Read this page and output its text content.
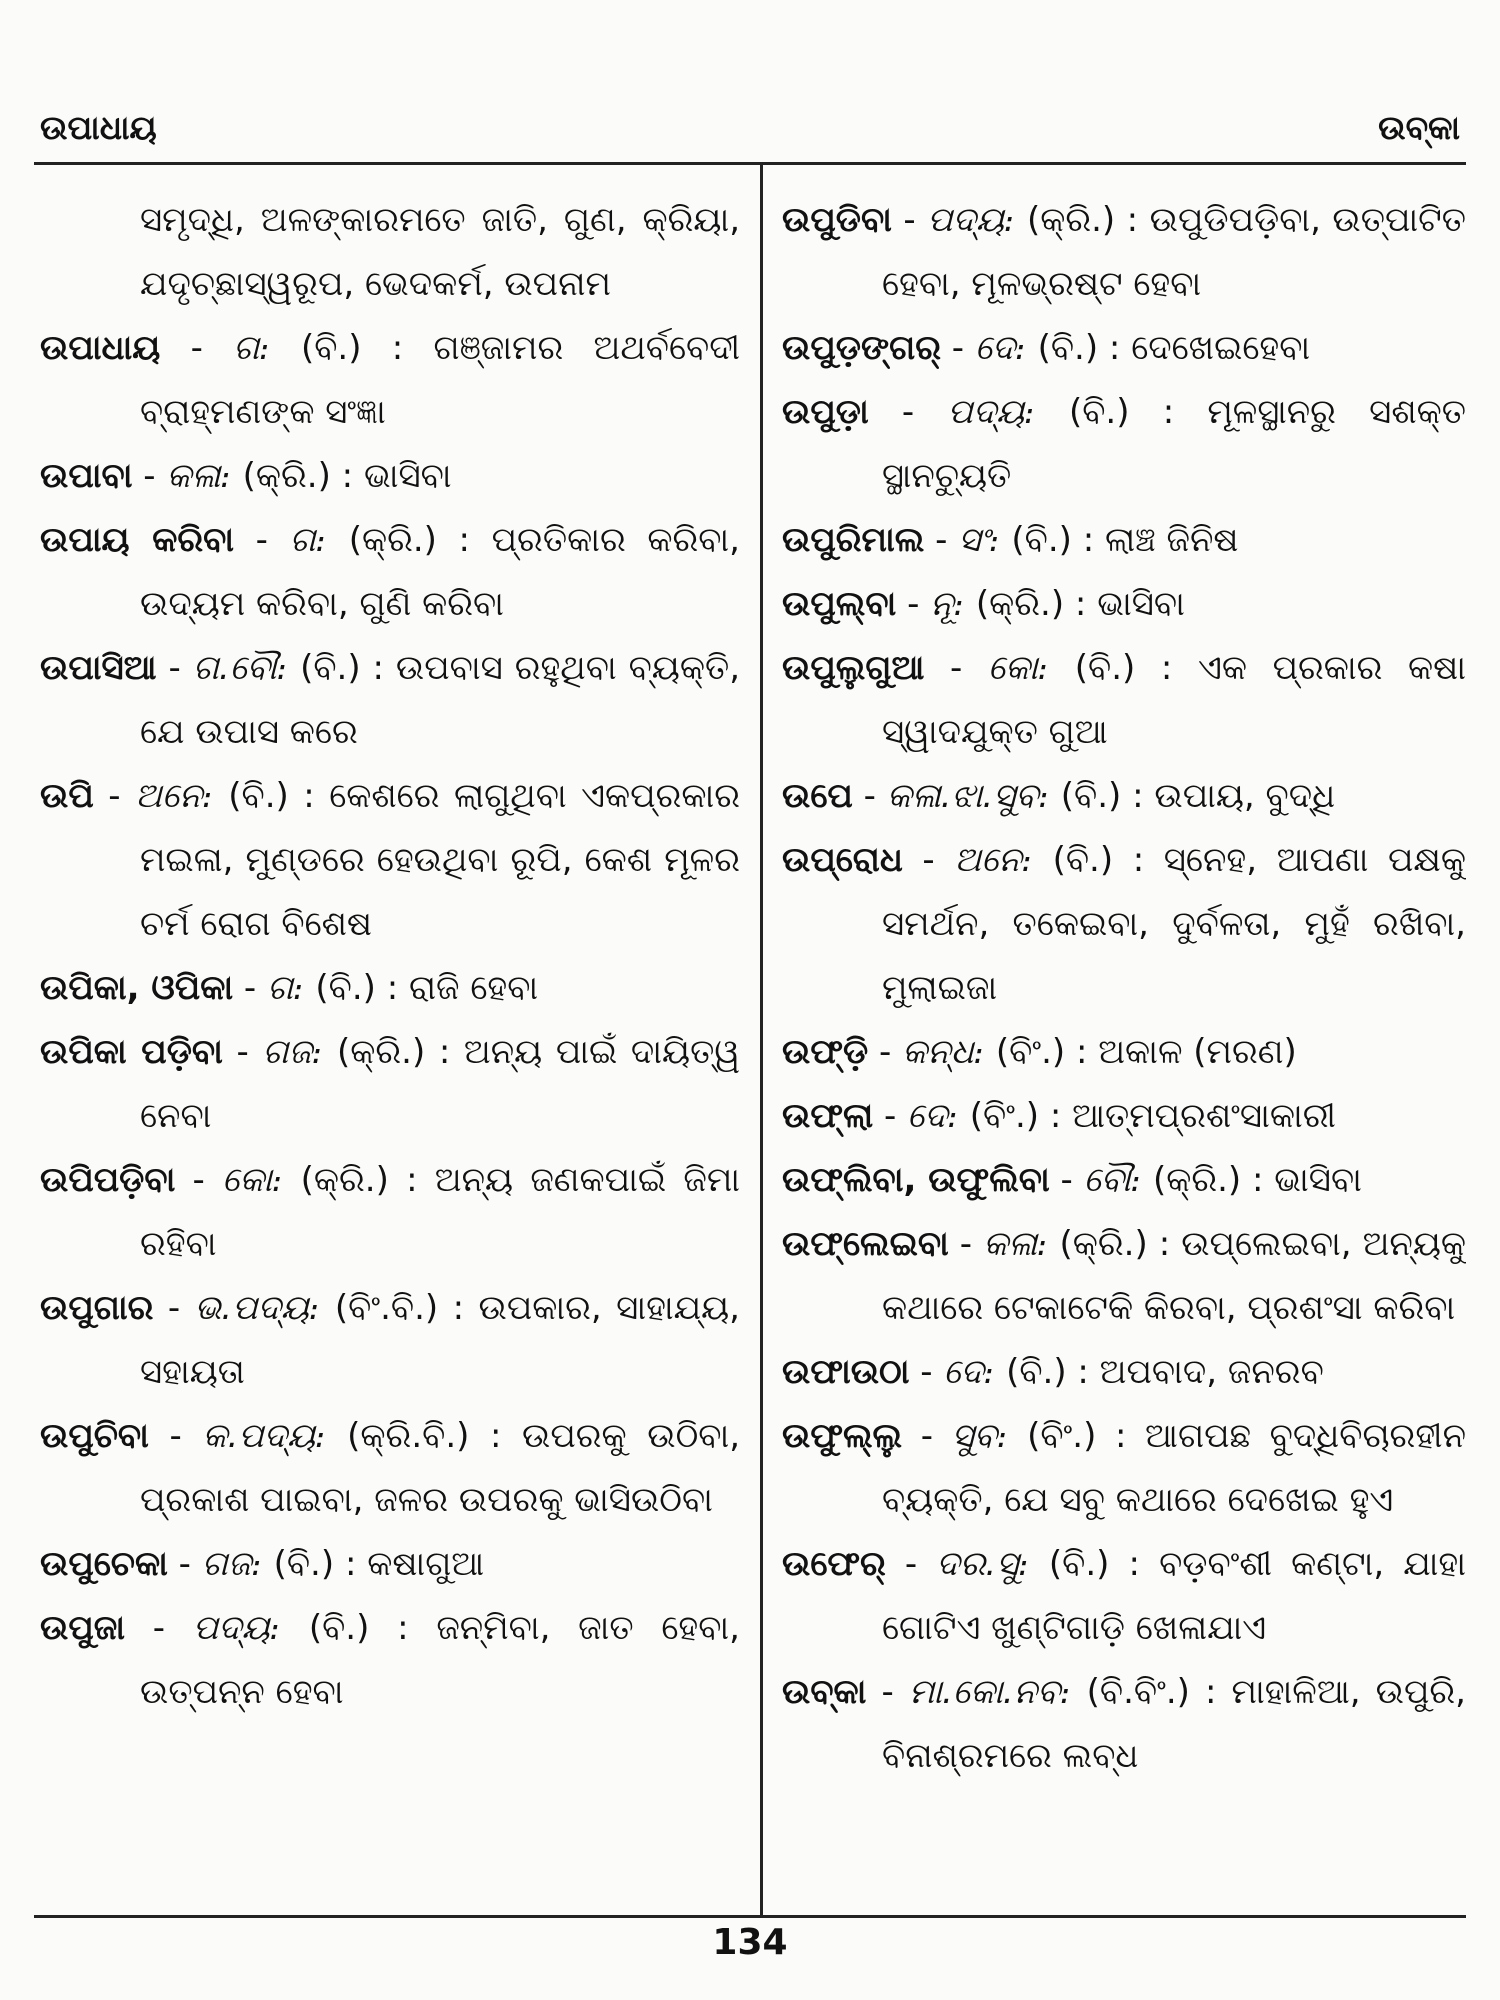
ଉପାଧାୟ	ଉବ୍‌କା

ସମୃଦ୍ଧି, ଅଳଙ୍କାରମତେ ଜାତି, ଗୁଣ, କ୍ରିୟା, ଯଦୃଚ୍ଛାସ୍ୱରୂପ, ଭେଦକର୍ମ, ଉପନାମ

ଉପାଧାୟ - ଗ։ (ବି.) : ଗଞ୍ଜାମର ଅଥର୍ବବେଦୀ ବ୍ରାହ୍ମଣଙ୍କ ସଂଜ୍ଞା

ଉପାବା - କଳା։ (କ୍ରି.) : ଭାସିବା

ଉପାୟ କରିବା - ଗ։ (କ୍ରି.) : ପ୍ରତିକାର କରିବା, ଉଦ୍ୟମ କରିବା, ଗୁଣି କରିବା

ଉପାସିଆ - ଗ.ବୌ։ (ବି.) : ଉପବାସ ରହୁଥିବା ବ୍ୟକ୍ତି, ଯେ ଉପାସ କରେ

ଉପି - ଅନେ։ (ବି.) : କେଶରେ ଲାଗୁଥିବା ଏକପ୍ରକାର ମଇଳା, ମୁଣ୍ଡରେ ହେଉଥିବା ରୂପି, କେଶ ମୂଳର ଚର୍ମ ରୋଗ ବିଶେଷ

ଉପିକା, ଓପିକା - ଗ։ (ବି.) : ରାଜି ହେବା

ଉପିକା ପଡ଼ିବା - ଗଜ։ (କ୍ରି.) : ଅନ୍ୟ ପାଇଁ ଦାୟିତ୍ୱ ନେବା

ଉପିପଡ଼ିବା - କୋ։ (କ୍ରି.) : ଅନ୍ୟ ଜଣକପାଇଁ ଜିମା ରହିବା

ଉପୁଗାର - ଭ.ପଦ୍ୟ։ (ବିଂ.ବି.) : ଉପକାର, ସାହାଯ୍ୟ, ସହାୟତା

ଉପୁଚିବା - କ.ପଦ୍ୟ։ (କ୍ରି.ବି.) : ଉପରକୁ ଉଠିବା, ପ୍ରକାଶ ପାଇବା, ଜଳର ଉପରକୁ ଭାସିଉଠିବା

ଉପୁଚେକା - ଗଜ։ (ବି.) : କଷାଗୁଆ

ଉପୁଜା - ପଦ୍ୟ։ (ବି.) : ଜନ୍ମିବା, ଜାତ ହେବା, ଉତ୍ପନ୍ନ ହେବା

ଉପୁଡିବା - ପଦ୍ୟ։ (କ୍ରି.) : ଉପୁଡିପଡ଼ିବା, ଉତ୍ପାଟିତ ହେବା, ମୂଳଭ୍ରଷ୍ଟ ହେବା

ଉପୁଡ଼ଙ୍ଗର୍ - ଦେ։ (ବି.) : ଦେଖେଇହେବା

ଉପୁଡ଼ା - ପଦ୍ୟ։ (ବି.) : ମୂଳସ୍ଥାନରୁ ସଶକ୍ତ ସ୍ଥାନଚ୍ୟୁତି

ଉପୁରିମାଲ - ସଂ։ (ବି.) : ଲାଞ୍ଚ ଜିନିଷ

ଉପୁଲ୍‌ବା - ନୂ։ (କ୍ରି.) : ଭାସିବା

ଉପୁଲୁଗୁଆ - କୋ։ (ବି.) : ଏକ ପ୍ରକାର କଷା ସ୍ୱାଦଯୁକ୍ତ ଗୁଆ

ଉପେ - କଳା.ଝା.ସୁବ։ (ବି.) : ଉପାୟ, ବୁଦ୍ଧି

ଉପ୍ରୋଧ - ଅନେ։ (ବି.) : ସ୍ନେହ, ଆପଣା ପକ୍ଷକୁ ସମର୍ଥନ, ତକେଇବା, ଦୁର୍ବଳତା, ମୁହଁ ରଖିବା, ମୁଲାଇଜା

ଉଫ୍‌ଡ଼ି - କନ୍ଧ։ (ବିଂ.) : ଅକାଳ (ମରଣ)

ଉଫ୍‌ଲା - ଦେ։ (ବିଂ.) : ଆତ୍ମପ୍ରଶଂସାକାରୀ

ଉଫ୍‌ଲିବା, ଉଫୁଲିବା - ବୌ։ (କ୍ରି.) : ଭାସିବା

ଉଫ୍‌ଲେଇବା - କଳା։ (କ୍ରି.) : ଉପ୍‌ଲେଇବା, ଅନ୍ୟକୁ କଥାରେ ଟେକାଟେକି କିରବା, ପ୍ରଶଂସା କରିବା

ଉଫାଉଠା - ଦେ։ (ବି.) : ଅପବାଦ, ଜନରବ

ଉଫୁଲ୍‌ଲୁ - ସୁବ։ (ବିଂ.) : ଆଗପଛ ବୁଦ୍ଧିବିଚାରହୀନ ବ୍ୟକ୍ତି, ଯେ ସବୁ କଥାରେ ଦେଖେଇ ହୁଏ

ଉଫେର୍ - ଦର.ସୁ։ (ବି.) : ବଡ଼ବଂଶୀ କଣ୍ଟା, ଯାହା ଗୋଟିଏ ଖୁଣ୍ଟିଗାଡ଼ି ଖେଳାଯାଏ

ଉବ୍‌କା - ମା.କୋ.ନବ։ (ବି.ବିଂ.) : ମାହାଳିଆ, ଉପୁରି, ବିନାଶ୍ରମରେ ଲବ୍ଧ

134
